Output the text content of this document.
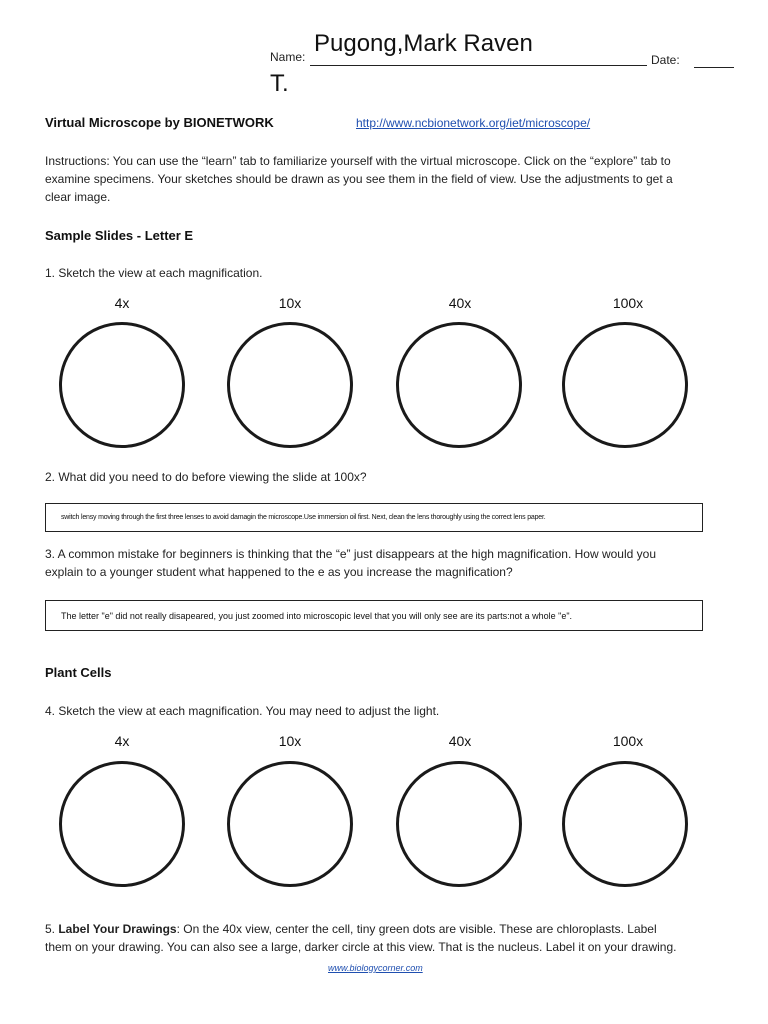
Name: Pugong,Mark Raven
T.
Date:
Virtual Microscope by BIONETWORK	http://www.ncbionetwork.org/iet/microscope/
Instructions: You can use the “learn” tab to familiarize yourself with the virtual microscope. Click on the “explore” tab to
examine specimens. Your sketches should be drawn as you see them in the field of view. Use the adjustments to get a
clear image.
Sample Slides - Letter E
1. Sketch the view at each magnification.
4x	10x	40x	100x
2. What did you need to do before viewing the slide at 100x?
switch lensy moving through the first three lenses to avoid damagin the microscope.Use immersion oil first. Next, clean the lens thoroughly using the correct lens paper.
3. A common mistake for beginners is thinking that the “e” just disappears at the high magnification. How would you
explain to a younger student what happened to the e as you increase the magnification?
The letter "e" did not really disapeared, you just zoomed into microscopic level that you will only see are its parts:not a whole "e".
Plant Cells
4. Sketch the view at each magnification. You may need to adjust the light.
4x	10x	40x	100x
5. Label Your Drawings: On the 40x view, center the cell, tiny green dots are visible. These are chloroplasts. Label
them on your drawing. You can also see a large, darker circle at this view. That is the nucleus. Label it on your drawing.
www.biologycorner.com
